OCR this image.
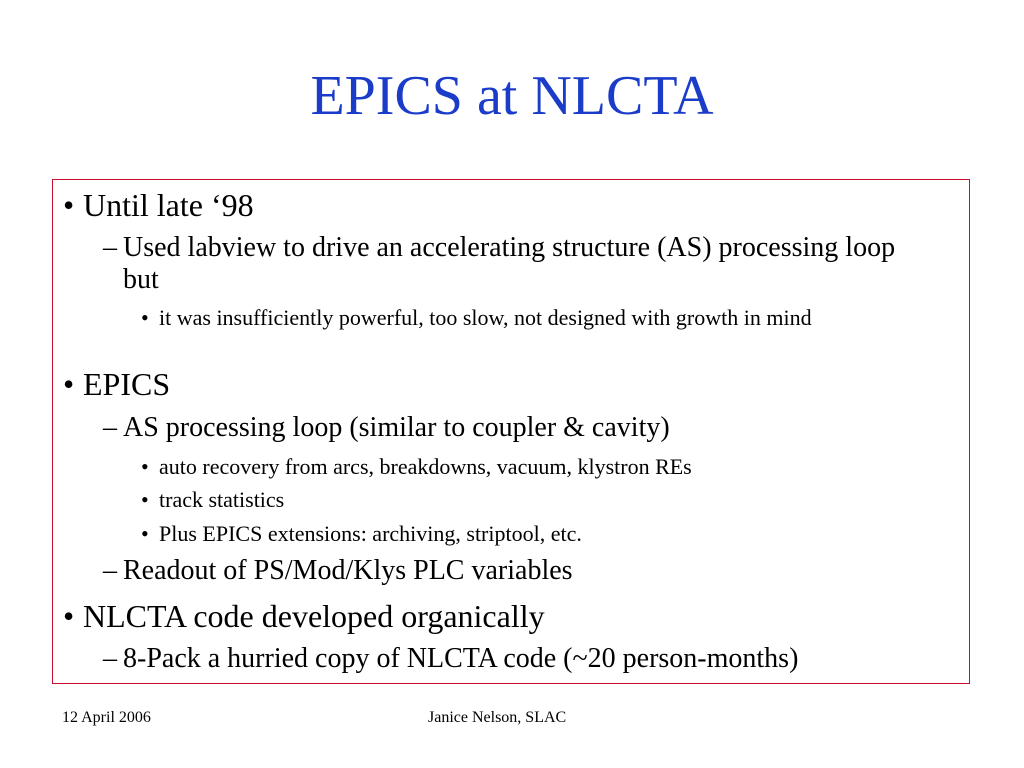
EPICS at NLCTA
• Until late ‘98
– Used labview to drive an accelerating structure (AS) processing loop but
• it was insufficiently powerful, too slow, not designed with growth in mind
• EPICS
– AS processing loop (similar to coupler & cavity)
• auto recovery from arcs, breakdowns, vacuum, klystron REs
• track statistics
• Plus EPICS extensions: archiving, striptool, etc.
– Readout of PS/Mod/Klys PLC variables
• NLCTA code developed organically
– 8-Pack a hurried copy of NLCTA code (~20 person-months)
12 April 2006	Janice Nelson, SLAC
